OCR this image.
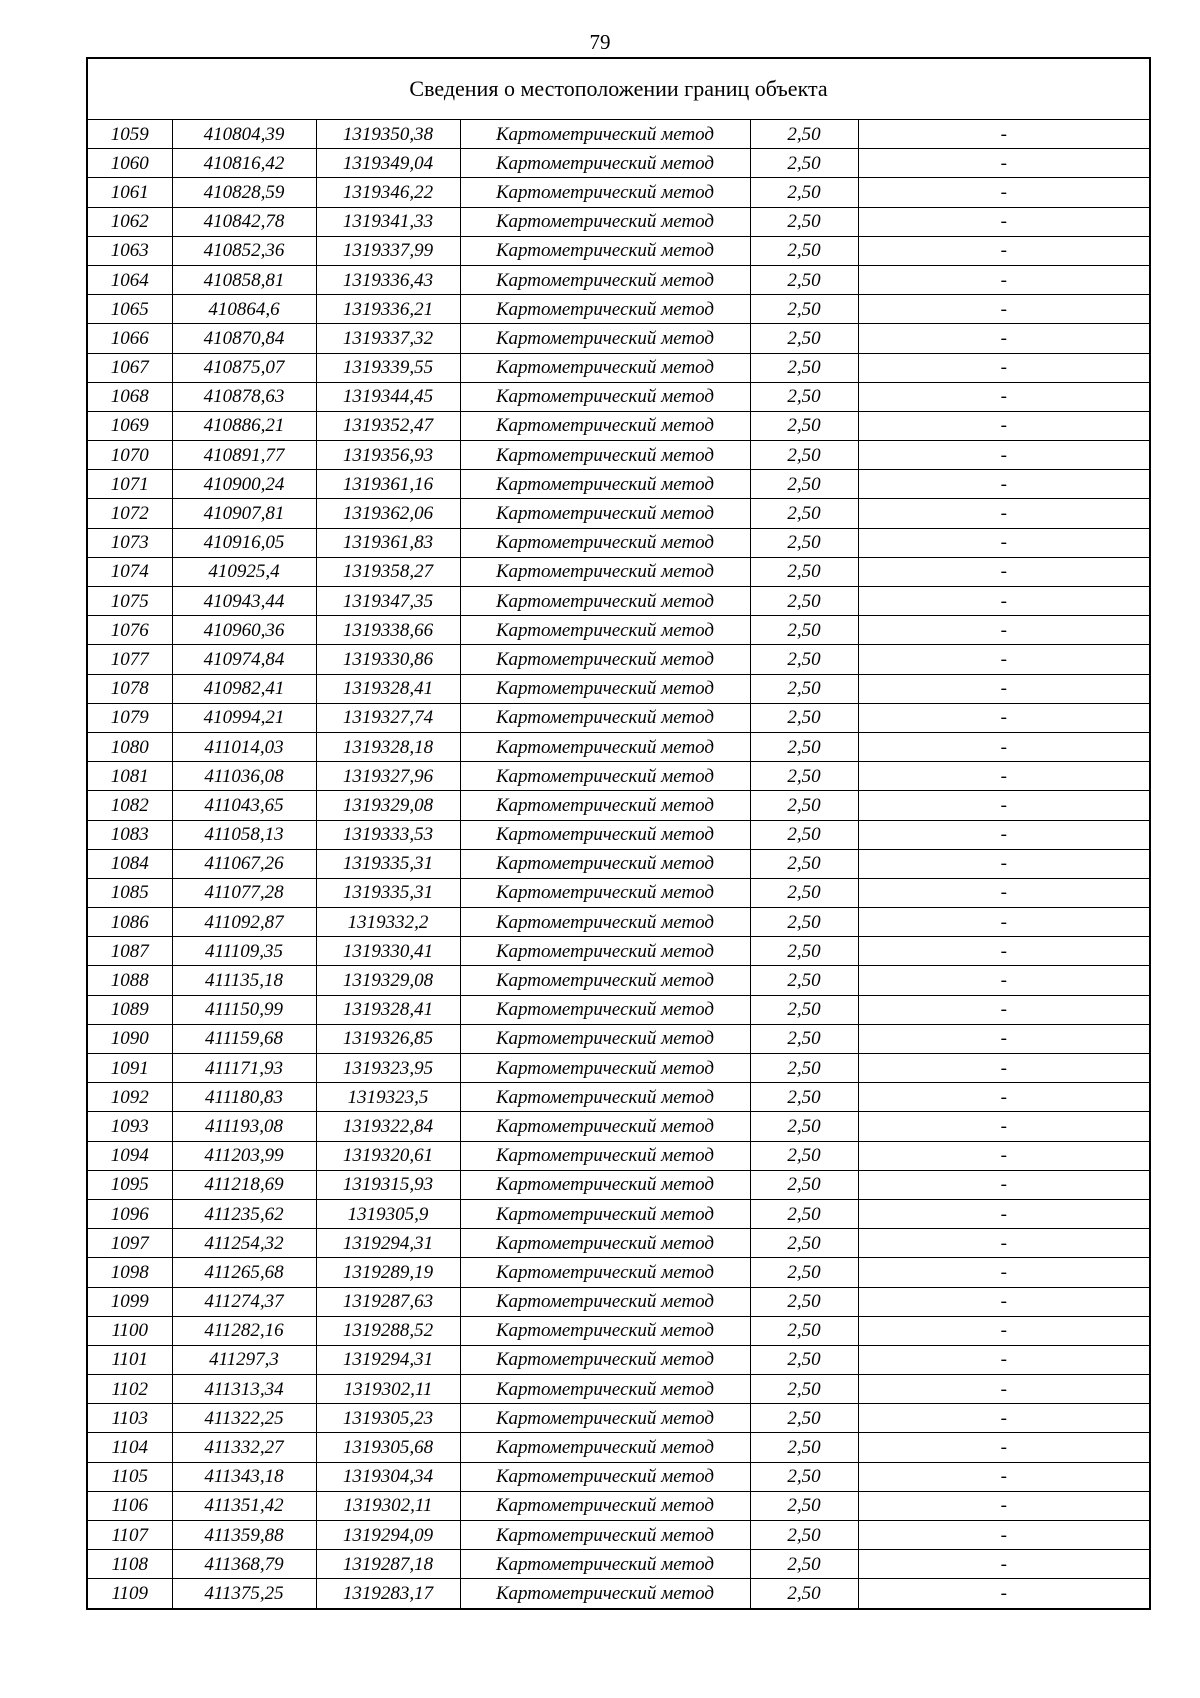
79
Сведения о местоположении границ объекта					
1059	410804,39	1319350,38	Картометрический метод	2,50	-
1060	410816,42	1319349,04	Картометрический метод	2,50	-
1061	410828,59	1319346,22	Картометрический метод	2,50	-
1062	410842,78	1319341,33	Картометрический метод	2,50	-
1063	410852,36	1319337,99	Картометрический метод	2,50	-
1064	410858,81	1319336,43	Картометрический метод	2,50	-
1065	410864,6	1319336,21	Картометрический метод	2,50	-
1066	410870,84	1319337,32	Картометрический метод	2,50	-
1067	410875,07	1319339,55	Картометрический метод	2,50	-
1068	410878,63	1319344,45	Картометрический метод	2,50	-
1069	410886,21	1319352,47	Картометрический метод	2,50	-
1070	410891,77	1319356,93	Картометрический метод	2,50	-
1071	410900,24	1319361,16	Картометрический метод	2,50	-
1072	410907,81	1319362,06	Картометрический метод	2,50	-
1073	410916,05	1319361,83	Картометрический метод	2,50	-
1074	410925,4	1319358,27	Картометрический метод	2,50	-
1075	410943,44	1319347,35	Картометрический метод	2,50	-
1076	410960,36	1319338,66	Картометрический метод	2,50	-
1077	410974,84	1319330,86	Картометрический метод	2,50	-
1078	410982,41	1319328,41	Картометрический метод	2,50	-
1079	410994,21	1319327,74	Картометрический метод	2,50	-
1080	411014,03	1319328,18	Картометрический метод	2,50	-
1081	411036,08	1319327,96	Картометрический метод	2,50	-
1082	411043,65	1319329,08	Картометрический метод	2,50	-
1083	411058,13	1319333,53	Картометрический метод	2,50	-
1084	411067,26	1319335,31	Картометрический метод	2,50	-
1085	411077,28	1319335,31	Картометрический метод	2,50	-
1086	411092,87	1319332,2	Картометрический метод	2,50	-
1087	411109,35	1319330,41	Картометрический метод	2,50	-
1088	411135,18	1319329,08	Картометрический метод	2,50	-
1089	411150,99	1319328,41	Картометрический метод	2,50	-
1090	411159,68	1319326,85	Картометрический метод	2,50	-
1091	411171,93	1319323,95	Картометрический метод	2,50	-
1092	411180,83	1319323,5	Картометрический метод	2,50	-
1093	411193,08	1319322,84	Картометрический метод	2,50	-
1094	411203,99	1319320,61	Картометрический метод	2,50	-
1095	411218,69	1319315,93	Картометрический метод	2,50	-
1096	411235,62	1319305,9	Картометрический метод	2,50	-
1097	411254,32	1319294,31	Картометрический метод	2,50	-
1098	411265,68	1319289,19	Картометрический метод	2,50	-
1099	411274,37	1319287,63	Картометрический метод	2,50	-
1100	411282,16	1319288,52	Картометрический метод	2,50	-
1101	411297,3	1319294,31	Картометрический метод	2,50	-
1102	411313,34	1319302,11	Картометрический метод	2,50	-
1103	411322,25	1319305,23	Картометрический метод	2,50	-
1104	411332,27	1319305,68	Картометрический метод	2,50	-
1105	411343,18	1319304,34	Картометрический метод	2,50	-
1106	411351,42	1319302,11	Картометрический метод	2,50	-
1107	411359,88	1319294,09	Картометрический метод	2,50	-
1108	411368,79	1319287,18	Картометрический метод	2,50	-
1109	411375,25	1319283,17	Картометрический метод	2,50	-
